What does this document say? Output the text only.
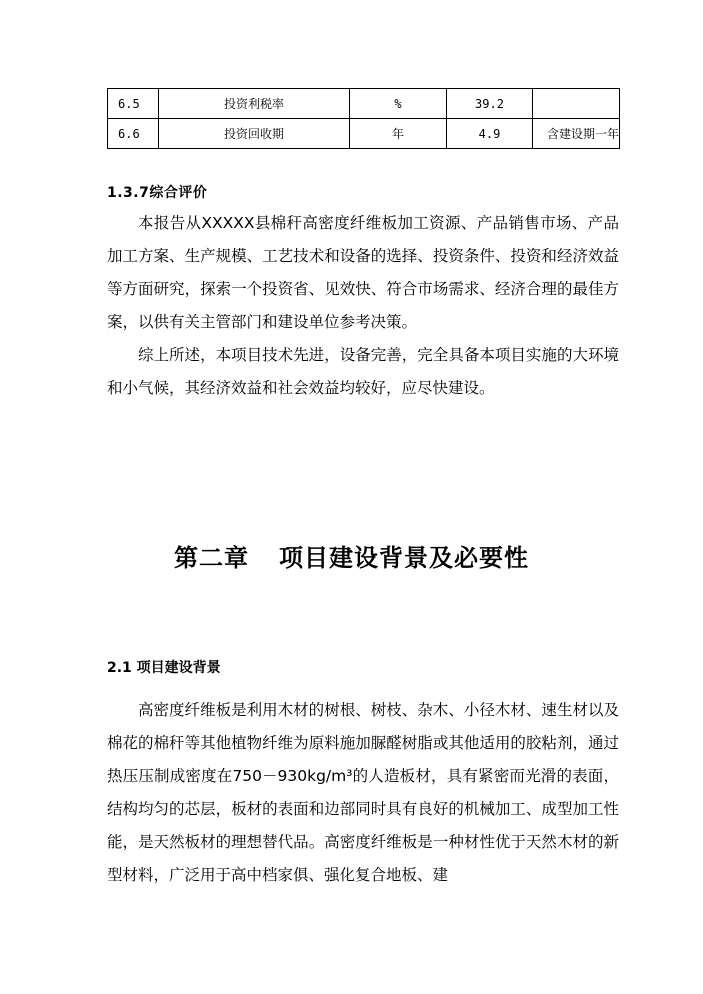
6.5	投资利税率	%	39.2	
6.6	投资回收期	年	4.9	含建设期一年
1.3.7综合评价

本报告从XXXXX县棉秆高密度纤维板加工资源、产品销售市场、产品加工方案、生产规模、工艺技术和设备的选择、投资条件、投资和经济效益等方面研究，探索一个投资省、见效快、符合市场需求、经济合理的最佳方案，以供有关主管部门和建设单位参考决策。

综上所述，本项目技术先进，设备完善，完全具备本项目实施的大环境和小气候，其经济效益和社会效益均较好，应尽快建设。

第二章 项目建设背景及必要性
2.1 项目建设背景

高密度纤维板是利用木材的树根、树枝、杂木、小径木材、速生材以及棉花的棉秆等其他植物纤维为原料施加脲醛树脂或其他适用的胶粘剂，通过热压压制成密度在750－930kg/m³的人造板材，具有紧密而光滑的表面，结构均匀的芯层，板材的表面和边部同时具有良好的机械加工、成型加工性能，是天然板材的理想替代品。高密度纤维板是一种材性优于天然木材的新型材料，广泛用于高中档家俱、强化复合地板、建
